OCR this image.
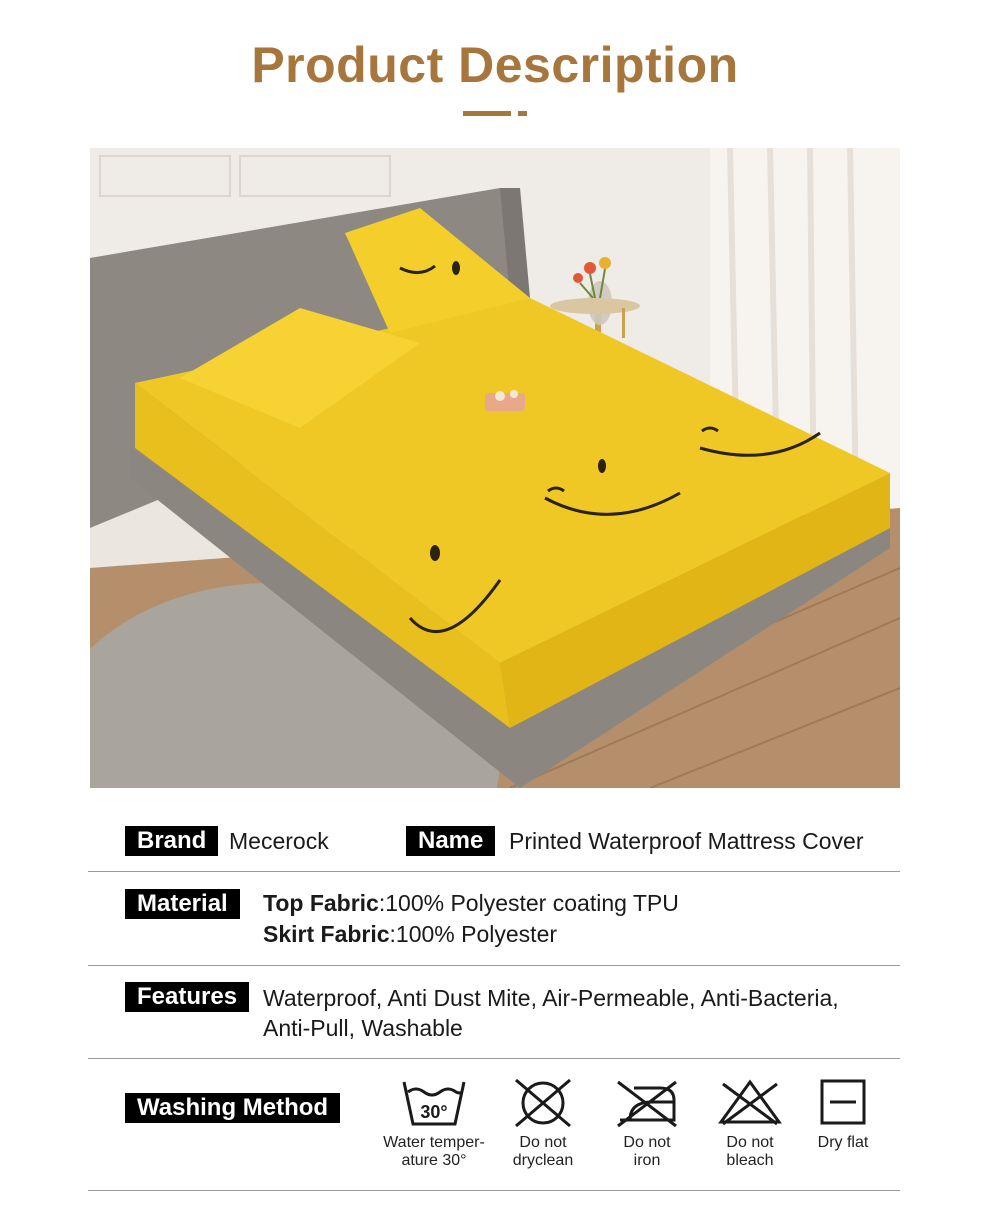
Product Description
Brand Mecerock	Name	Printed Waterproof Mattress Cover
Material	Top Fabric:100% Polyester coating TPU
Skirt Fabric:100% Polyester
Features	Waterproof, Anti Dust Mite, Air-Permeable, Anti-Bacteria,
Anti-Pull, Washable
Washing Method	30°
Water temper-
ature 30°
Do not
dryclean
Do not
iron
Do not
bleach
Dry flat
